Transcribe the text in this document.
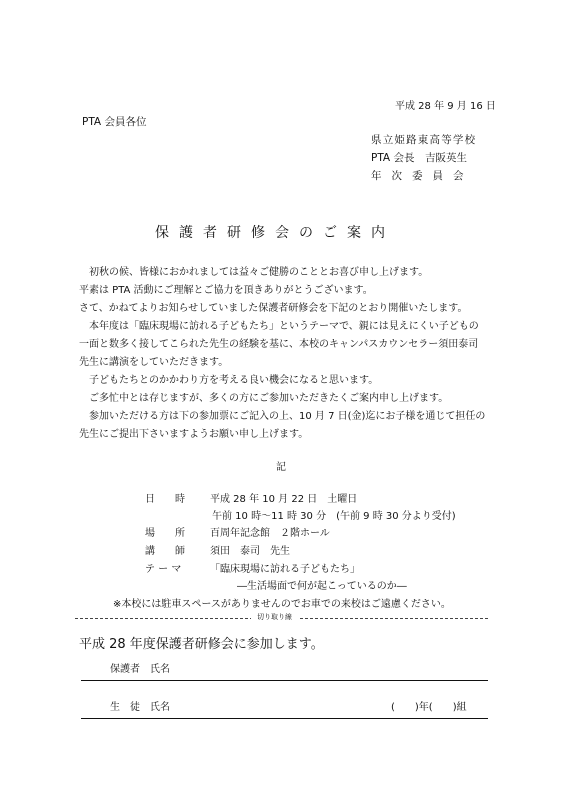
平成 28 年 9 月 16 日
PTA 会員各位
県立姫路東高等学校
PTA 会長　吉阪英生
年次委員会
保護者研修会のご案内
　初秋の候、皆様におかれましては益々ご健勝のこととお喜び申し上げます。
平素は PTA 活動にご理解とご協力を頂きありがとうございます。
さて、かねてよりお知らせしていました保護者研修会を下記のとおり開催いたします。
　本年度は「臨床現場に訪れる子どもたち」というテーマで、親には見えにくい子どもの
一面と数多く接してこられた先生の経験を基に、本校のキャンパスカウンセラー須田泰司
先生に講演をしていただきます。
　子どもたちとのかかわり方を考える良い機会になると思います。
　ご多忙中とは存じますが、多くの方にご参加いただきたくご案内申し上げます。
　参加いただける方は下の参加票にご記入の上、10 月 7 日(金)迄にお子様を通じて担任の
先生にご提出下さいますようお願い申し上げます。
記
日　　時	平成 28 年 10 月 22 日　土曜日
午前 10 時～11 時 30 分　(午前 9 時 30 分より受付)
場　　所	百周年記念館　２階ホール
講　　師	須田　泰司　先生
テ ー マ	「臨床現場に訪れる子どもたち」
―生活場面で何が起こっているのか―
※本校には駐車スペースがありませんのでお車での来校はご遠慮ください。
切り取り線
平成 28 年度保護者研修会に参加します。
保護者　氏名
生　徒　氏名	(　　)年(　　)組
